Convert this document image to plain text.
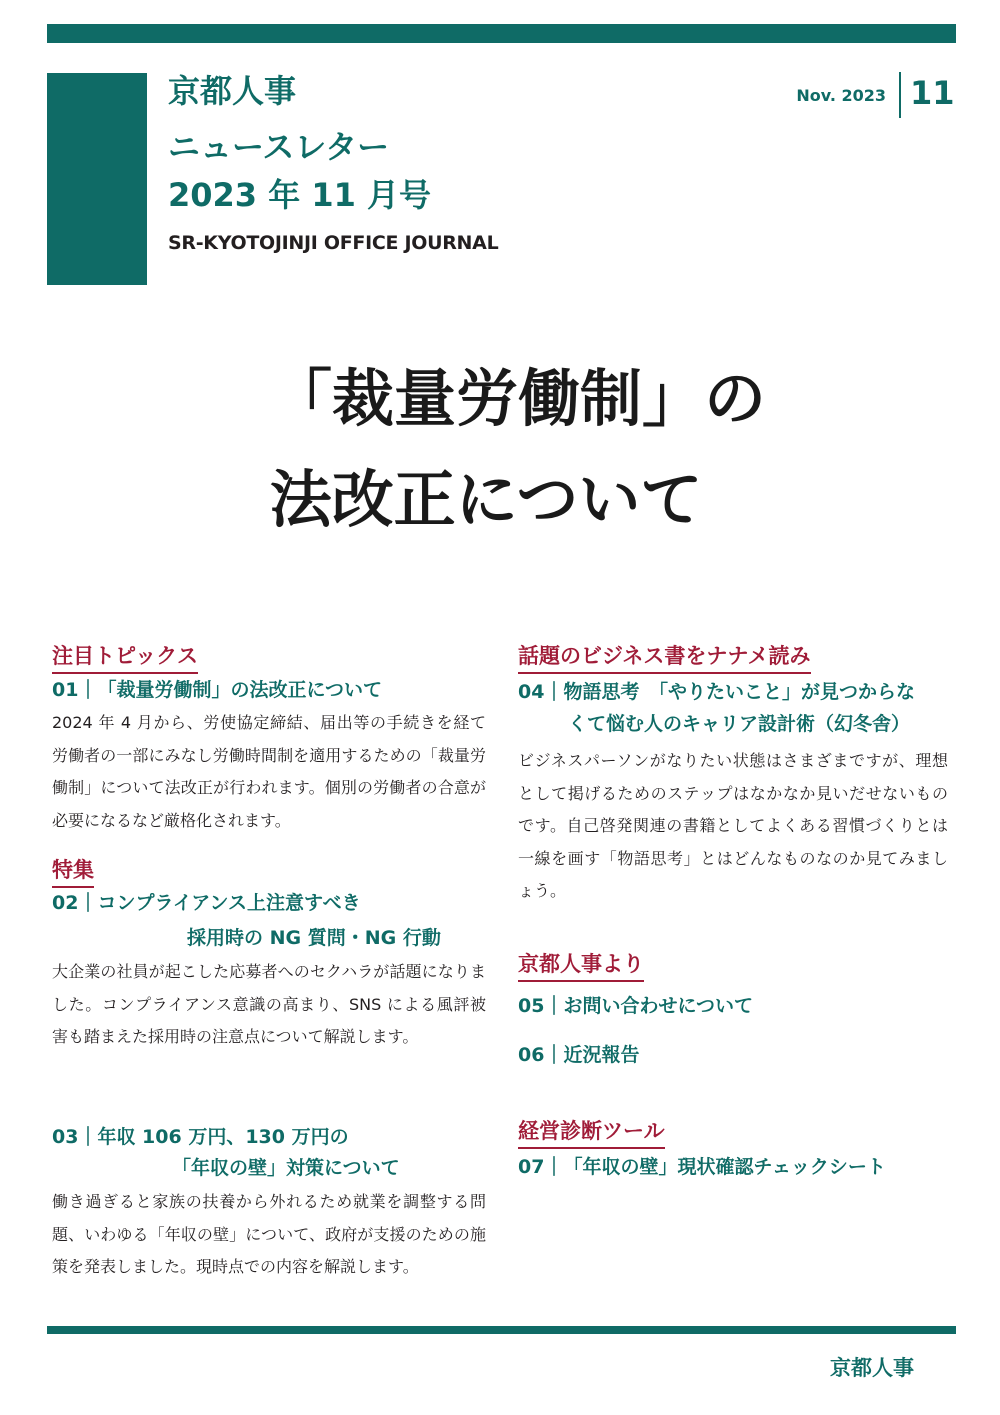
京都人事
ニュースレター
2023 年 11 月号
SR-KYOTOJINJI OFFICE JOURNAL
Nov. 2023 11
「裁量労働制」の
法改正について
注目トピックス
01｜「裁量労働制」の法改正について
2024 年 4 月から、労使協定締結、届出等の手続きを経て労働者の一部にみなし労働時間制を適用するための「裁量労働制」について法改正が行われます。個別の労働者の合意が必要になるなど厳格化されます。
特集
02｜コンプライアンス上注意すべき
採用時の NG 質問・NG 行動
大企業の社員が起こした応募者へのセクハラが話題になりました。コンプライアンス意識の高まり、SNS による風評被害も踏まえた採用時の注意点について解説します。
03｜年収 106 万円、130 万円の
「年収の壁」対策について
働き過ぎると家族の扶養から外れるため就業を調整する問題、いわゆる「年収の壁」について、政府が支援のための施策を発表しました。現時点での内容を解説します。
話題のビジネス書をナナメ読み
04｜物語思考　「やりたいこと」が見つからな
くて悩む人のキャリア設計術（幻冬舎）
ビジネスパーソンがなりたい状態はさまざまですが、理想として掲げるためのステップはなかなか見いだせないものです。自己啓発関連の書籍としてよくある習慣づくりとは一線を画す「物語思考」とはどんなものなのか見てみましょう。
京都人事より
05｜お問い合わせについて
06｜近況報告
経営診断ツール
07｜「年収の壁」現状確認チェックシート
京都人事
